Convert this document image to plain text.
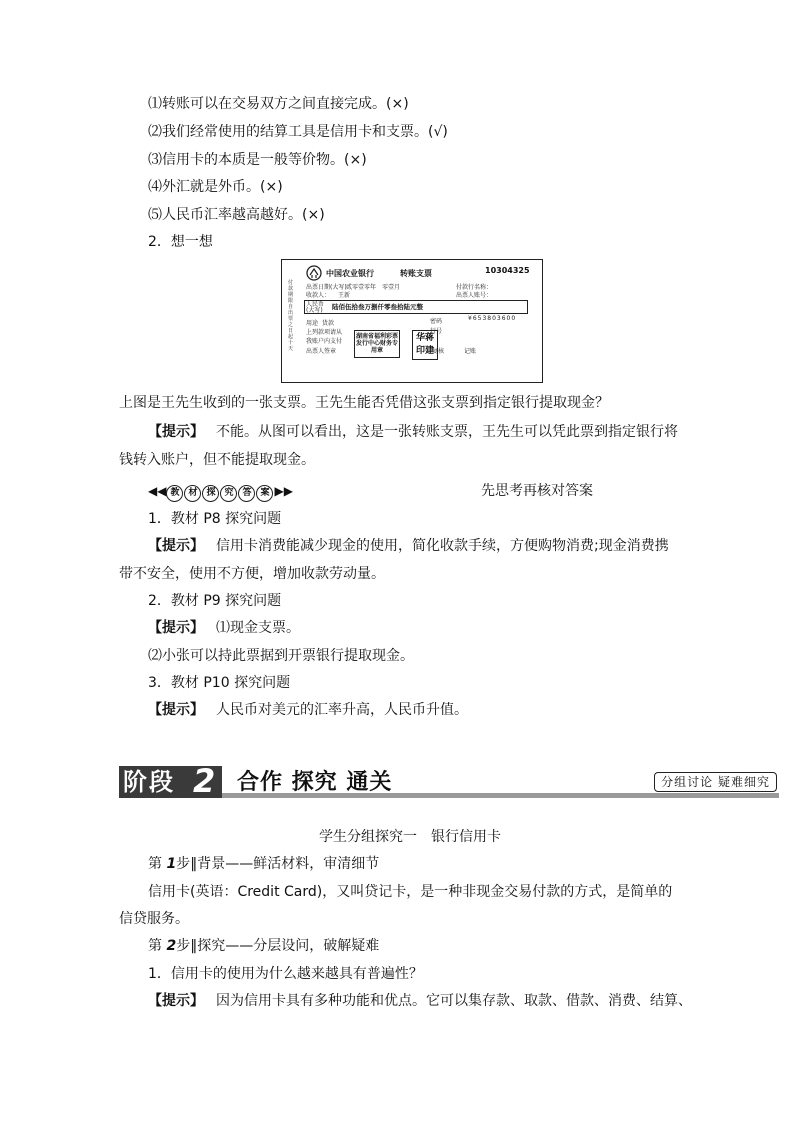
⑴转账可以在交易双方之间直接完成。(×)
⑵我们经常使用的结算工具是信用卡和支票。(√)
⑶信用卡的本质是一般等价物。(×)
⑷外汇就是外币。(×)
⑸人民币汇率越高越好。(×)
2．想一想
中国农业银行	转账支票	10304325
出票日期(大写) 贰零壹零年 零壹月	付款行名称：
收款人： 王新	出票人账号：
人民币
(大写) 陆佰伍拾叁万捌仟零叁拾陆元整
¥653803600
用途 货款
上列款项请从
我账户内支付
出票人签章
湖南省福利彩票发行中心财务专用章
华蒋
印建
密码
行号
复核	记账
付款期限自出票之日起十天
上图是王先生收到的一张支票。王先生能否凭借这张支票到指定银行提取现金？
【提示】 不能。从图可以看出，这是一张转账支票，王先生可以凭此票到指定银行将
钱转入账户，但不能提取现金。
◀◀ 教 材 探 究 答 案 ▶▶	先思考再核对答案
1．教材 P8 探究问题
【提示】 信用卡消费能减少现金的使用，简化收款手续，方便购物消费;现金消费携
带不安全，使用不方便，增加收款劳动量。
2．教材 P9 探究问题
【提示】 ⑴现金支票。
⑵小张可以持此票据到开票银行提取现金。
3．教材 P10 探究问题
【提示】 人民币对美元的汇率升高，人民币升值。
阶段 2 合作 探究 通关	分组讨论 疑难细究
学生分组探究一　银行信用卡
第 1步‖背景——鲜活材料，审清细节
信用卡(英语：Credit Card)，又叫贷记卡，是一种非现金交易付款的方式，是简单的
信贷服务。
第 2步‖探究——分层设问，破解疑难
1．信用卡的使用为什么越来越具有普遍性？
【提示】 因为信用卡具有多种功能和优点。它可以集存款、取款、借款、消费、结算、
